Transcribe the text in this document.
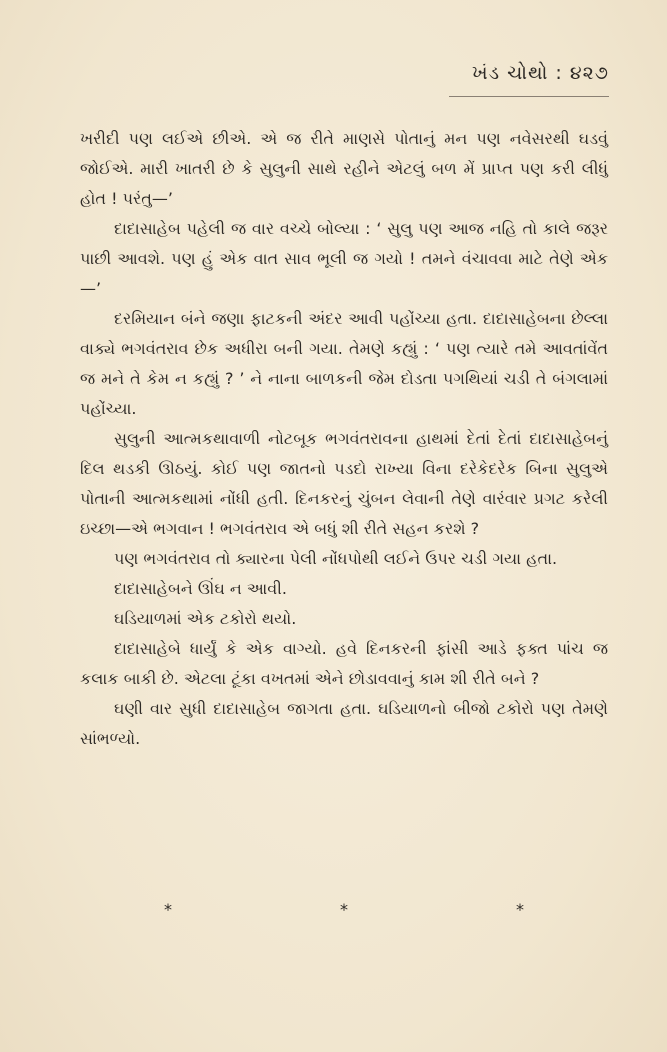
ખંડ ચોથો : ૪૨૭

ખરીદી પણ લઈએ છીએ. એ જ રીતે માણસે પોતાનું મન પણ નવેસરથી ઘડવું જોઈએ. મારી ખાતરી છે કે સુલુની સાથે રહીને એટલું બળ મેં પ્રાપ્ત પણ કરી લીધું હોત ! પરંતુ—’

દાદાસાહેબ પહેલી જ વાર વચ્ચે બોલ્યા : ‘ સુલુ પણ આજ નહિ તો કાલે જરૂર પાછી આવશે. પણ હું એક વાત સાવ ભૂલી જ ગયો ! તમને વંચાવવા માટે તેણે એક—’

દરમિયાન બંને જણા ફાટકની અંદર આવી પહોંચ્યા હતા. દાદાસાહેબના છેલ્લા વાક્યે ભગવંતરાવ છેક અધીરા બની ગયા. તેમણે કહ્યું : ‘ પણ ત્યારે તમે આવતાંવેંત જ મને તે કેમ ન કહ્યું ? ’ ને નાના બાળકની જેમ દોડતા પગથિયાં ચડી તે બંગલામાં પહોંચ્યા.

સુલુની આત્મકથાવાળી નોટબૂક ભગવંતરાવના હાથમાં દેતાં દેતાં દાદાસાહેબનું દિલ થડકી ઊઠયું. કોઈ પણ જાતનો પડદો રાખ્યા વિના દરેકેદરેક બિના સુલુએ પોતાની આત્મકથામાં નોંધી હતી. દિનકરનું ચુંબન લેવાની તેણે વારંવાર પ્રગટ કરેલી ઇચ્છા—એ ભગવાન ! ભગવંતરાવ એ બધું શી રીતે સહન કરશે ?

પણ ભગવંતરાવ તો ક્યારના પેલી નોંધપોથી લઈને ઉપર ચડી ગયા હતા.

દાદાસાહેબને ઊંઘ ન આવી.

ઘડિયાળમાં એક ટકોરો થયો.

દાદાસાહેબે ધાર્યું કે એક વાગ્યો. હવે દિનકરની ફાંસી આડે ફક્ત પાંચ જ કલાક બાકી છે. એટલા ટૂંકા વખતમાં એને છોડાવવાનું કામ શી રીતે બને ?

ઘણી વાર સુધી દાદાસાહેબ જાગતા હતા. ઘડિયાળનો બીજો ટકોરો પણ તેમણે સાંભળ્યો.

*	*	*
